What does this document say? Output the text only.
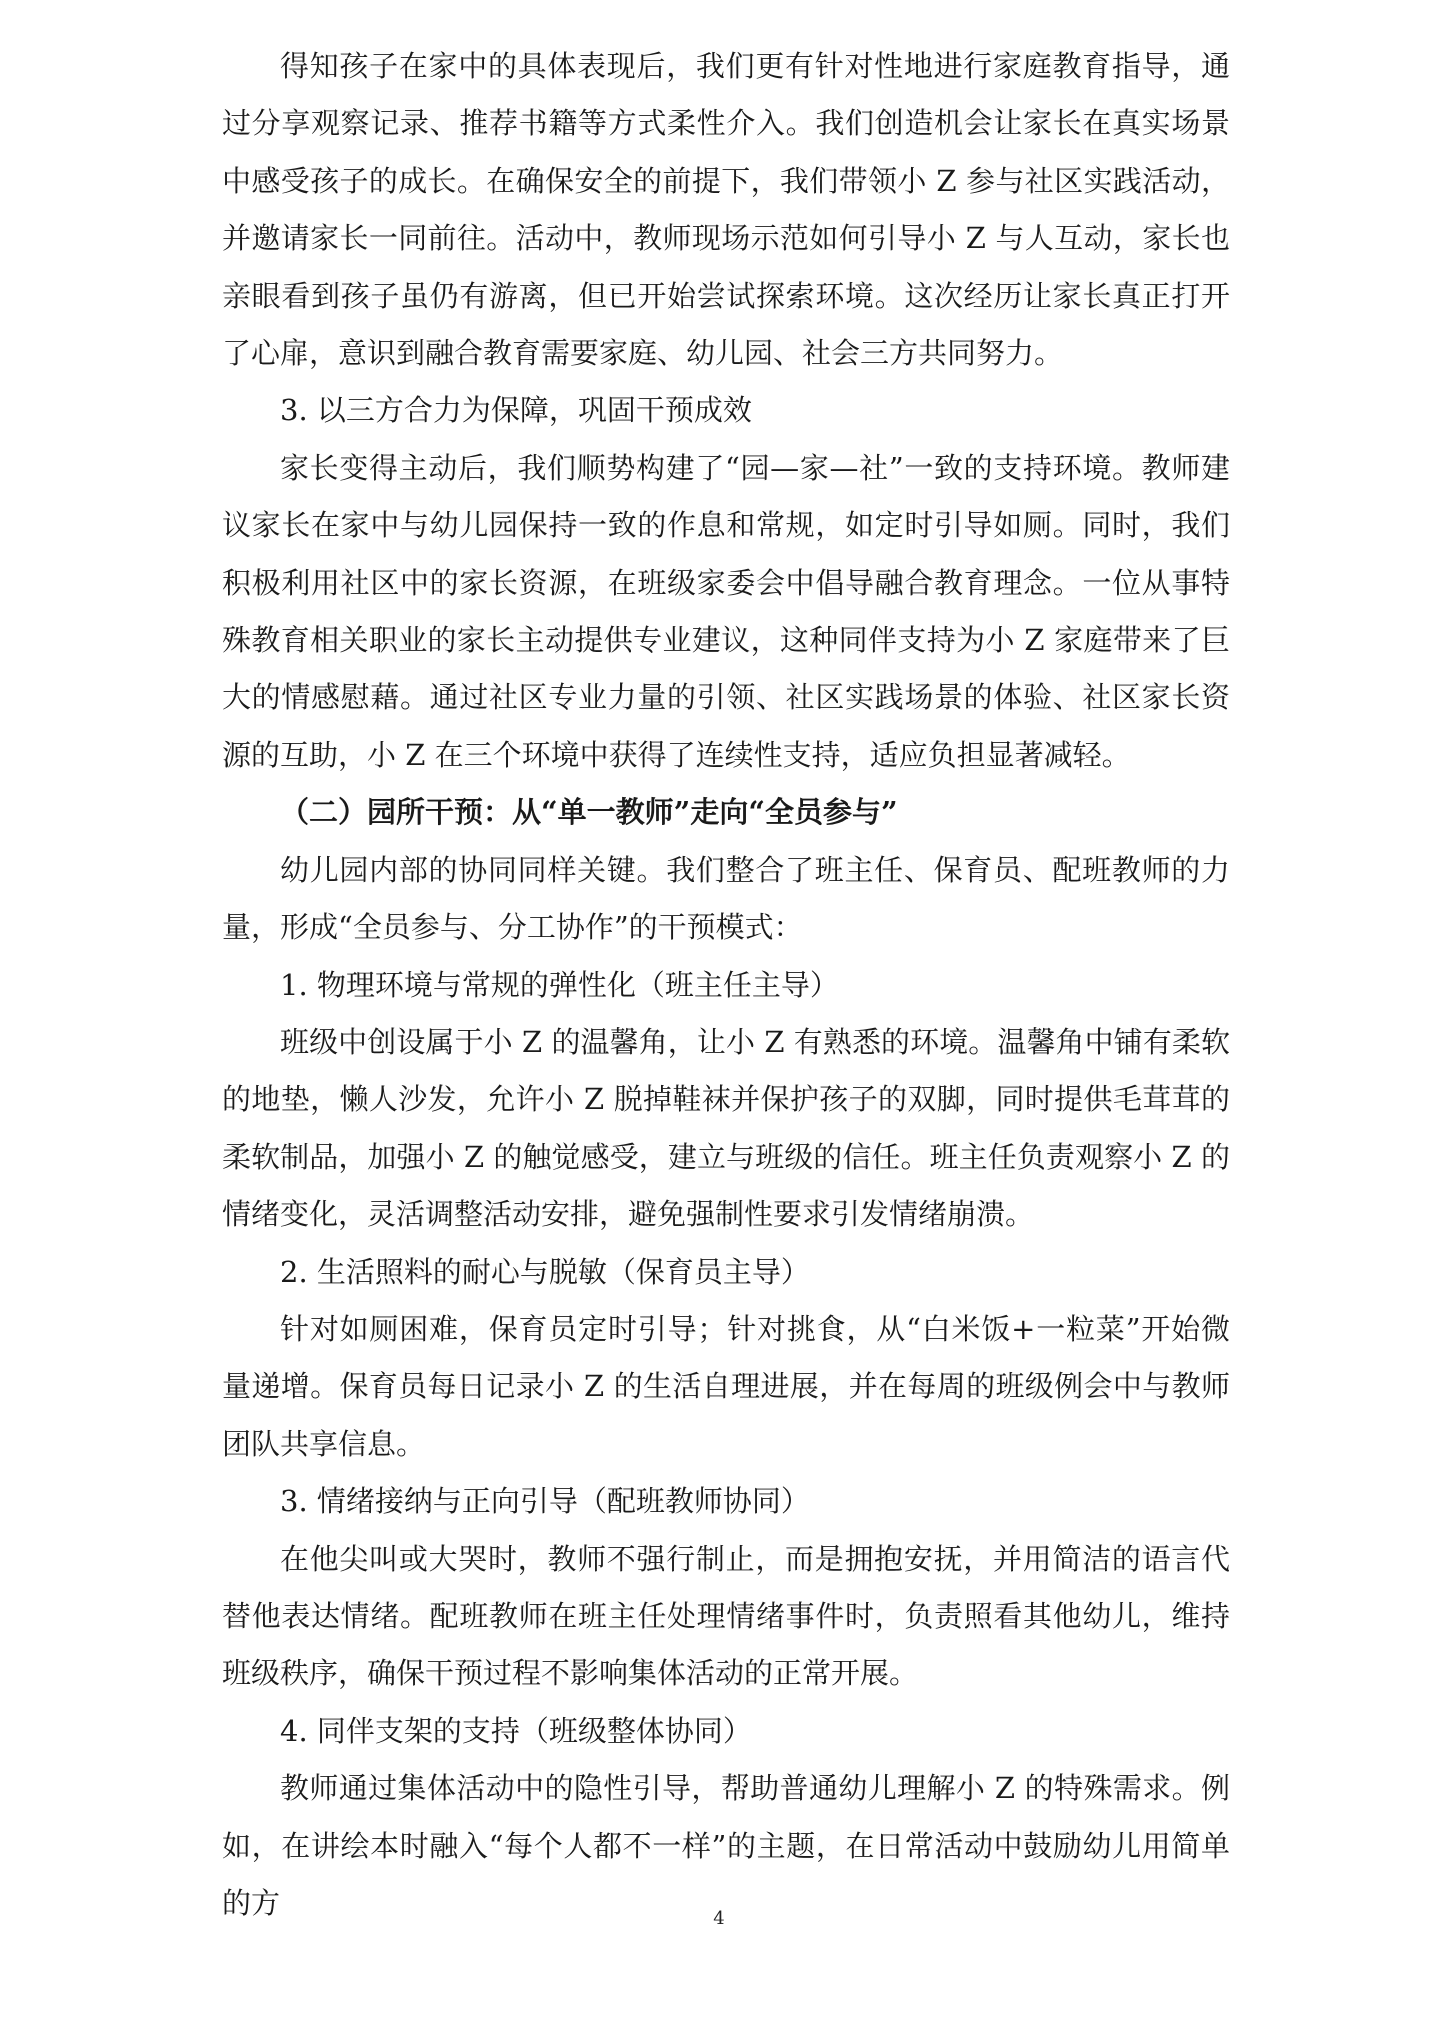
得知孩子在家中的具体表现后，我们更有针对性地进行家庭教育指导，通过分享观察记录、推荐书籍等方式柔性介入。我们创造机会让家长在真实场景中感受孩子的成长。在确保安全的前提下，我们带领小 Z 参与社区实践活动，并邀请家长一同前往。活动中，教师现场示范如何引导小 Z 与人互动，家长也亲眼看到孩子虽仍有游离，但已开始尝试探索环境。这次经历让家长真正打开了心扉，意识到融合教育需要家庭、幼儿园、社会三方共同努力。

3. 以三方合力为保障，巩固干预成效

家长变得主动后，我们顺势构建了“园—家—社”一致的支持环境。教师建议家长在家中与幼儿园保持一致的作息和常规，如定时引导如厕。同时，我们积极利用社区中的家长资源，在班级家委会中倡导融合教育理念。一位从事特殊教育相关职业的家长主动提供专业建议，这种同伴支持为小 Z 家庭带来了巨大的情感慰藉。通过社区专业力量的引领、社区实践场景的体验、社区家长资源的互助，小 Z 在三个环境中获得了连续性支持，适应负担显著减轻。

（二）园所干预：从“单一教师”走向“全员参与”

幼儿园内部的协同同样关键。我们整合了班主任、保育员、配班教师的力量，形成“全员参与、分工协作”的干预模式：

1. 物理环境与常规的弹性化（班主任主导）

班级中创设属于小 Z 的温馨角，让小 Z 有熟悉的环境。温馨角中铺有柔软的地垫，懒人沙发，允许小 Z 脱掉鞋袜并保护孩子的双脚，同时提供毛茸茸的柔软制品，加强小 Z 的触觉感受，建立与班级的信任。班主任负责观察小 Z 的情绪变化，灵活调整活动安排，避免强制性要求引发情绪崩溃。

2. 生活照料的耐心与脱敏（保育员主导）

针对如厕困难，保育员定时引导；针对挑食，从“白米饭+一粒菜”开始微量递增。保育员每日记录小 Z 的生活自理进展，并在每周的班级例会中与教师团队共享信息。

3. 情绪接纳与正向引导（配班教师协同）

在他尖叫或大哭时，教师不强行制止，而是拥抱安抚，并用简洁的语言代替他表达情绪。配班教师在班主任处理情绪事件时，负责照看其他幼儿，维持班级秩序，确保干预过程不影响集体活动的正常开展。

4. 同伴支架的支持（班级整体协同）

教师通过集体活动中的隐性引导，帮助普通幼儿理解小 Z 的特殊需求。例如，在讲绘本时融入“每个人都不一样”的主题，在日常活动中鼓励幼儿用简单的方	4
